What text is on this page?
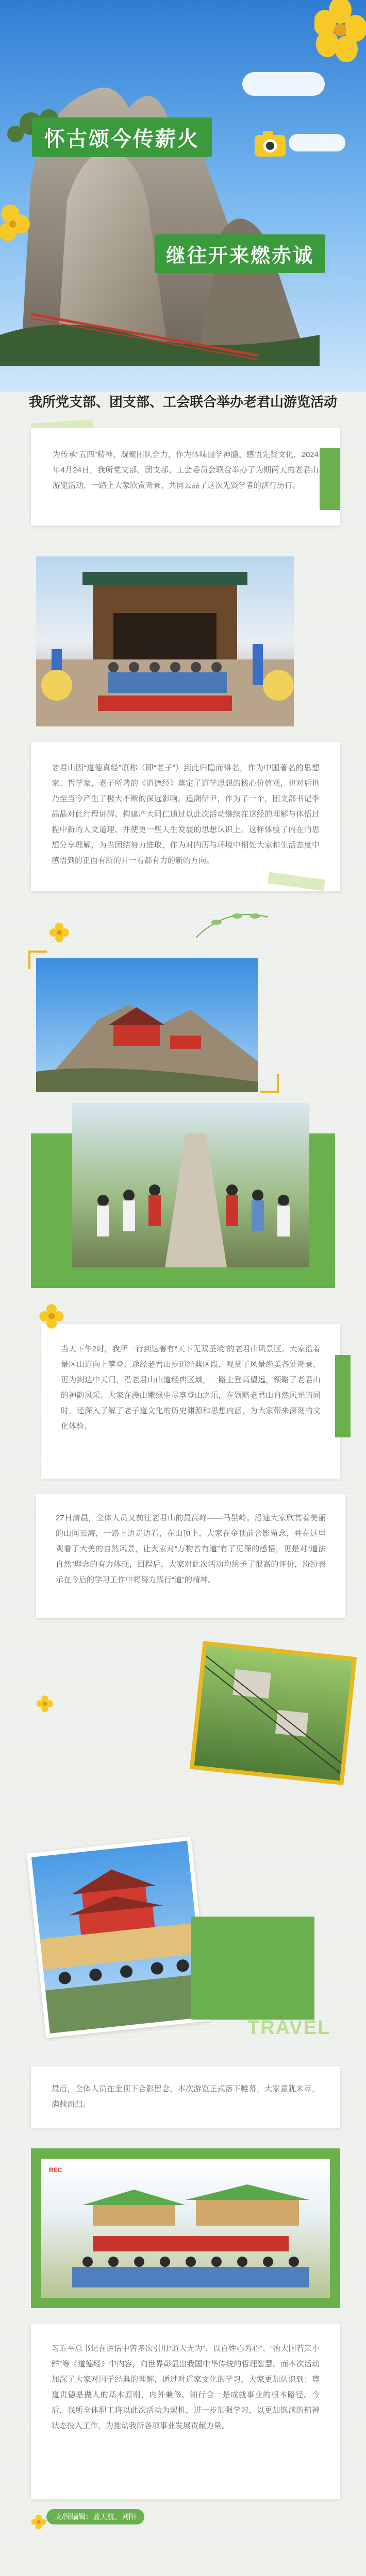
怀古颂今传薪火
继往开来燃赤诚
我所党支部、团支部、工会联合举办老君山游览活动

为传承“五四”精神，凝聚团队合力，作为体味国学神髓、感悟先贤文化，2024年4月24日，我所党支部、团支部、工会委员会联合举办了为期两天的老君山游览活动，一路上大家欣赏奇景、共同去品了这次先贤学者的济行历行。

老君山因“道德真经”原称（即“老子”）到此归隐而得名，作为中国著名的思想家、哲学家，老子所著的《道德经》奠定了道学思想的核心价值观，也对后世乃至当今产生了极大不断的深远影响。追溯伊尹，作为了一个，团支部书记李晶晶对此行程讲解、构建产大同仁通过以此次活动继续在这经的理解与体悟过程中新的人文道理、并使更一些人生发展的思想认识上。这样体验了内在的思想分享理解，为当团结努力进取，作为对内历与环境中相处大家和生活态度中感悟到的正面有所的开一看都有力的新的方向。

当天下午2时，我所一行到达著有“天下无双圣境”的老君山风景区。大家沿着景区山道向上攀登，途经老君山步道经典区段，观赏了风景绝美各处奇景，更为到达中天门，沿老君山山道经典区域，一路上登高望远，领略了老君山的神韵风采。大家在漫山嫩绿中尽享登山之乐，在领略老君山自然风光的同时，还深入了解了老子道文化的历史渊源和思想内涵，为大家带来深刻的文化体验。

27日清晨，全体人员又前往老君山的最高峰——马鬃岭。沿途大家欣赏着美丽的山间云海，一路上边走边看，在山顶上，大家在金顶前合影留念，并在这里观看了大美的自然风景，让大家对“万物皆有道”有了更深的感悟，更是对“道法自然”理念的有力体现，回程后，大家对此次活动均给予了很高的评价，纷纷表示在今后的学习工作中将努力践行“道”的精神。

TRAVEL

最后，全体人员在金顶下合影留念，本次游览正式落下帷幕，大家意犹未尽，满载而归。

REC

习近平总书记在讲话中曾多次引用“道人无为”、以百姓心为心”、“治大国若烹小鲜”等《道德经》中内容，向世界彰显出我国中华传统的哲理智慧。而本次活动加深了大家对国学经典的理解，通过对道家文化的学习，大家更加认识到：尊道贵德是做人的基本原则，内外兼修、知行合一是成就事业的根本路径。今后，我所全体职工将以此次活动为契机，进一步加强学习，以更加饱满的精神状态投入工作，为推动我所各项事业发展贡献力量。

文/图编辑：蓝天航、刘阳
